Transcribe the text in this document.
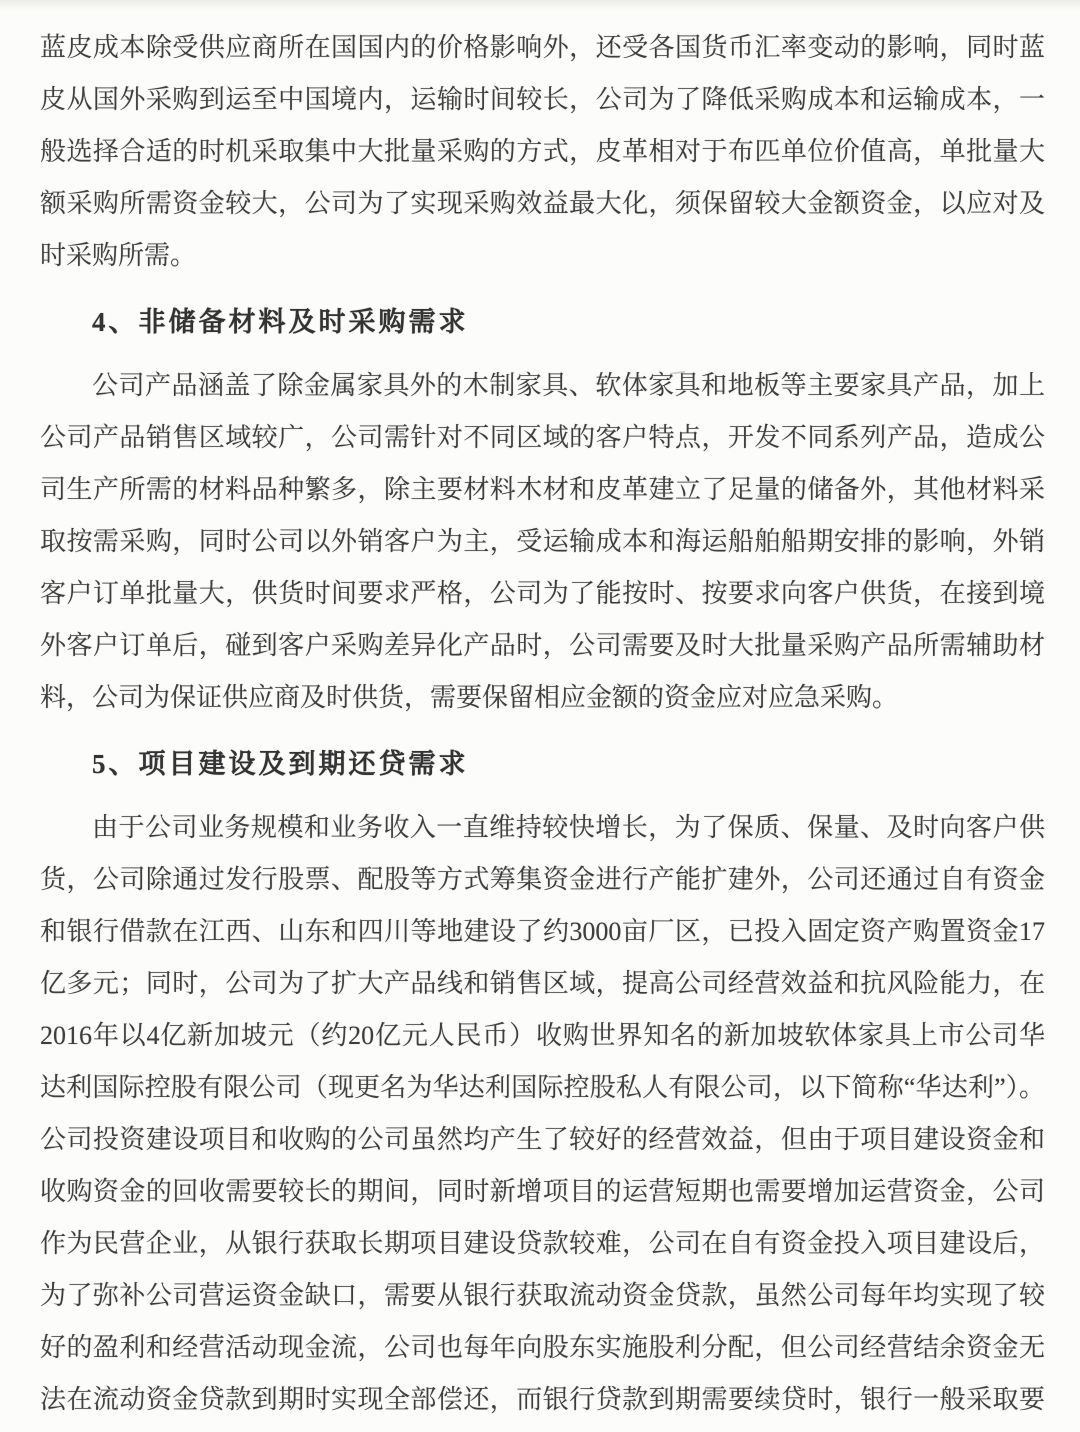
蓝皮成本除受供应商所在国国内的价格影响外，还受各国货币汇率变动的影响，同时蓝
皮从国外采购到运至中国境内，运输时间较长，公司为了降低采购成本和运输成本，一
般选择合适的时机采取集中大批量采购的方式，皮革相对于布匹单位价值高，单批量大
额采购所需资金较大，公司为了实现采购效益最大化，须保留较大金额资金，以应对及
时采购所需。
4、非储备材料及时采购需求
公司产品涵盖了除金属家具外的木制家具、软体家具和地板等主要家具产品，加上
公司产品销售区域较广，公司需针对不同区域的客户特点，开发不同系列产品，造成公
司生产所需的材料品种繁多，除主要材料木材和皮革建立了足量的储备外，其他材料采
取按需采购，同时公司以外销客户为主，受运输成本和海运船舶船期安排的影响，外销
客户订单批量大，供货时间要求严格，公司为了能按时、按要求向客户供货，在接到境
外客户订单后，碰到客户采购差异化产品时，公司需要及时大批量采购产品所需辅助材
料，公司为保证供应商及时供货，需要保留相应金额的资金应对应急采购。
5、项目建设及到期还贷需求
由于公司业务规模和业务收入一直维持较快增长，为了保质、保量、及时向客户供
货，公司除通过发行股票、配股等方式筹集资金进行产能扩建外，公司还通过自有资金
和银行借款在江西、山东和四川等地建设了约3000亩厂区，已投入固定资产购置资金17
亿多元；同时，公司为了扩大产品线和销售区域，提高公司经营效益和抗风险能力，在
2016年以4亿新加坡元（约20亿元人民币）收购世界知名的新加坡软体家具上市公司华
达利国际控股有限公司（现更名为华达利国际控股私人有限公司，以下简称“华达利”）。
公司投资建设项目和收购的公司虽然均产生了较好的经营效益，但由于项目建设资金和
收购资金的回收需要较长的期间，同时新增项目的运营短期也需要增加运营资金，公司
作为民营企业，从银行获取长期项目建设贷款较难，公司在自有资金投入项目建设后，
为了弥补公司营运资金缺口，需要从银行获取流动资金贷款，虽然公司每年均实现了较
好的盈利和经营活动现金流，公司也每年向股东实施股利分配，但公司经营结余资金无
法在流动资金贷款到期时实现全部偿还，而银行贷款到期需要续贷时，银行一般采取要
